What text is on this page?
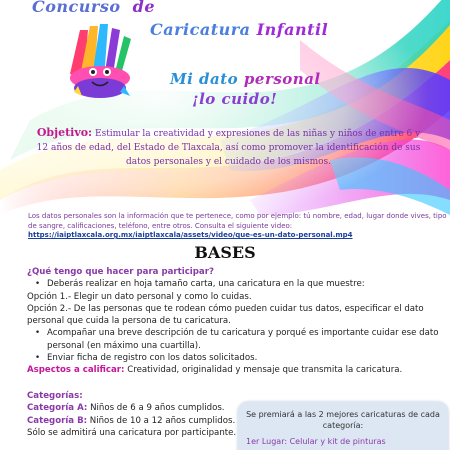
Concurso de
Caricatura Infantil
Mi dato personal
¡lo cuido!
Objetivo: Estimular la creatividad y expresiones de las niñas y niños de entre 6 y 12 años de edad, del Estado de Tlaxcala, así como promover la identificación de sus datos personales y el cuidado de los mismos.
Los datos personales son la información que te pertenece, como por ejemplo: tú nombre, edad, lugar donde vives, tipo de sangre, calificaciones, teléfono, entre otros. Consulta el siguiente video:
https://iaiptlaxcala.org.mx/iaiptlaxcala/assets/video/que-es-un-dato-personal.mp4
BASES
¿Qué tengo que hacer para participar?
• Deberás realizar en hoja tamaño carta, una caricatura en la que muestre:
Opción 1.- Elegir un dato personal y como lo cuidas.
Opción 2.- De las personas que te rodean cómo pueden cuidar tus datos, especificar el dato personal que cuida la persona de tu caricatura.
• Acompañar una breve descripción de tu caricatura y porqué es importante cuidar ese dato personal (en máximo una cuartilla).
• Enviar ficha de registro con los datos solicitados.
Aspectos a calificar: Creatividad, originalidad y mensaje que transmita la caricatura.
Categorías:
Categoría A: Niños de 6 a 9 años cumplidos.
Categoría B: Niños de 10 a 12 años cumplidos.
Sólo se admitirá una caricatura por participante.
Se premiará a las 2 mejores caricaturas de cada categoría:
1er Lugar: Celular y kit de pinturas
